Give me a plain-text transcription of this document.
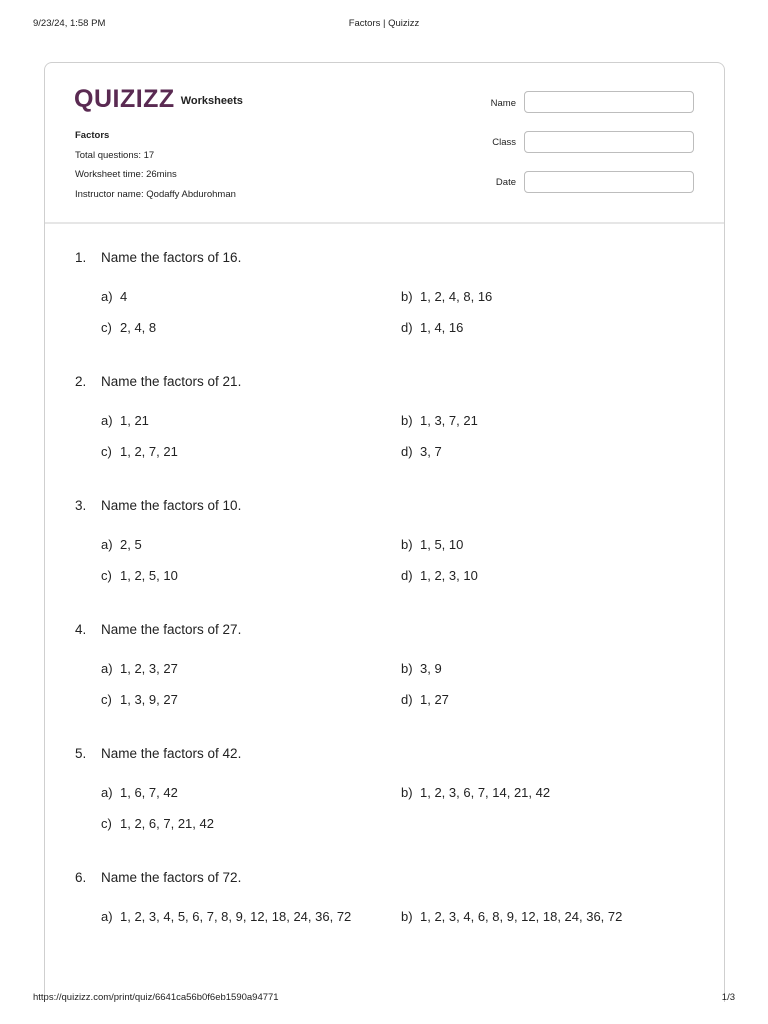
9/23/24, 1:58 PM	Factors | Quizizz
QUIZIZZ Worksheets
Factors
Total questions: 17
Worksheet time: 26mins
Instructor name: Qodaffy Abdurohman
Name
Class
Date
1. Name the factors of 16.
a) 4	b) 1, 2, 4, 8, 16
c) 2, 4, 8	d) 1, 4, 16
2. Name the factors of 21.
a) 1, 21	b) 1, 3, 7, 21
c) 1, 2, 7, 21	d) 3, 7
3. Name the factors of 10.
a) 2, 5	b) 1, 5, 10
c) 1, 2, 5, 10	d) 1, 2, 3, 10
4. Name the factors of 27.
a) 1, 2, 3, 27	b) 3, 9
c) 1, 3, 9, 27	d) 1, 27
5. Name the factors of 42.
a) 1, 6, 7, 42	b) 1, 2, 3, 6, 7, 14, 21, 42
c) 1, 2, 6, 7, 21, 42
6. Name the factors of 72.
a) 1, 2, 3, 4, 5, 6, 7, 8, 9, 12, 18, 24, 36, 72	b) 1, 2, 3, 4, 6, 8, 9, 12, 18, 24, 36, 72
https://quizizz.com/print/quiz/6641ca56b0f6eb1590a94771	1/3
